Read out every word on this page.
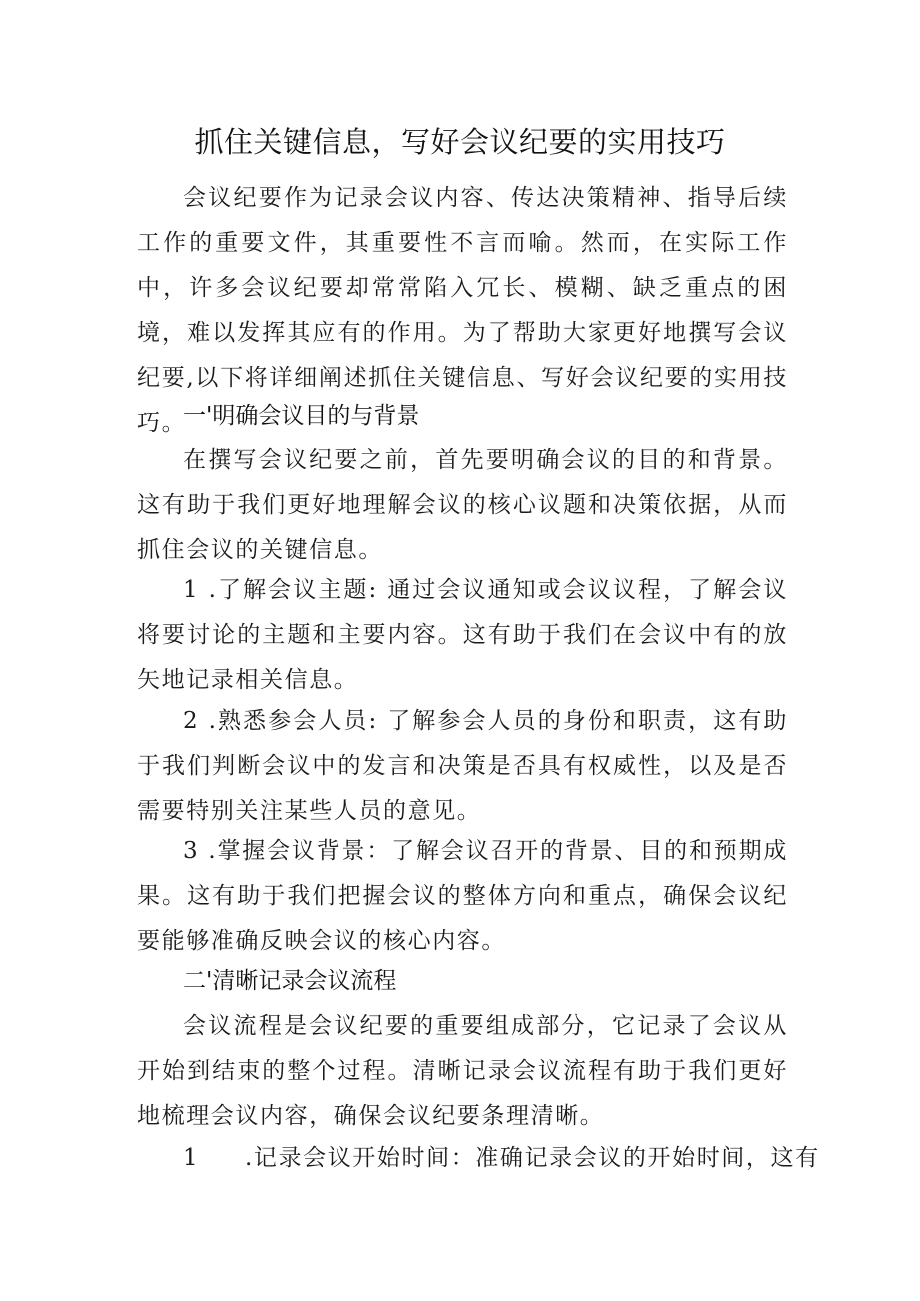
抓住关键信息，写好会议纪要的实用技巧

会议纪要作为记录会议内容、传达决策精神、指导后续工作的重要文件，其重要性不言而喻。然而，在实际工作中，许多会议纪要却常常陷入冗长、模糊、缺乏重点的困境，难以发挥其应有的作用。为了帮助大家更好地撰写会议纪要,以下将详细阐述抓住关键信息、写好会议纪要的实用技巧。

一'明确会议目的与背景

在撰写会议纪要之前，首先要明确会议的目的和背景。这有助于我们更好地理解会议的核心议题和决策依据，从而抓住会议的关键信息。

1 .了解会议主题: 通过会议通知或会议议程，了解会议将要讨论的主题和主要内容。这有助于我们在会议中有的放矢地记录相关信息。

2 .熟悉参会人员: 了解参会人员的身份和职责，这有助于我们判断会议中的发言和决策是否具有权威性，以及是否需要特别关注某些人员的意见。

3 .掌握会议背景：了解会议召开的背景、目的和预期成果。这有助于我们把握会议的整体方向和重点，确保会议纪要能够准确反映会议的核心内容。

二'清晰记录会议流程

会议流程是会议纪要的重要组成部分，它记录了会议从开始到结束的整个过程。清晰记录会议流程有助于我们更好地梳理会议内容，确保会议纪要条理清晰。

1 .记录会议开始时间：准确记录会议的开始时间，这有
